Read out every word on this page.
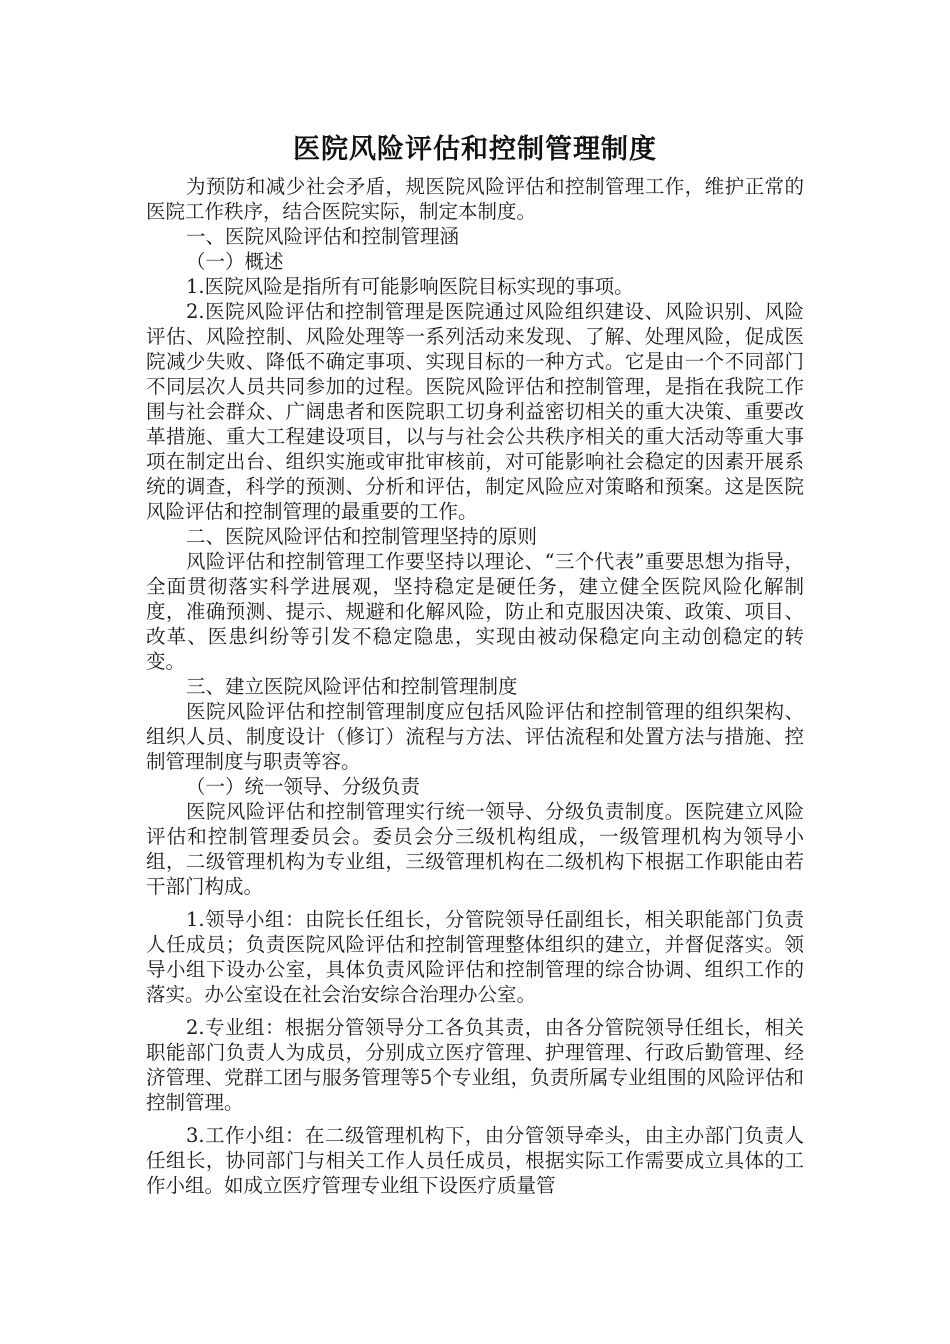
医院风险评估和控制管理制度

为预防和减少社会矛盾，规医院风险评估和控制管理工作，维护正常的医院工作秩序，结合医院实际，制定本制度。

一、医院风险评估和控制管理涵

（一）概述

1.医院风险是指所有可能影响医院目标实现的事项。

2.医院风险评估和控制管理是医院通过风险组织建设、风险识别、风险评估、风险控制、风险处理等一系列活动来发现、了解、处理风险，促成医院减少失败、降低不确定事项、实现目标的一种方式。它是由一个不同部门不同层次人员共同参加的过程。医院风险评估和控制管理，是指在我院工作围与社会群众、广阔患者和医院职工切身利益密切相关的重大决策、重要改革措施、重大工程建设项目，以与与社会公共秩序相关的重大活动等重大事项在制定出台、组织实施或审批审核前，对可能影响社会稳定的因素开展系统的调查，科学的预测、分析和评估，制定风险应对策略和预案。这是医院风险评估和控制管理的最重要的工作。

二、医院风险评估和控制管理坚持的原则

风险评估和控制管理工作要坚持以理论、“三个代表”重要思想为指导，全面贯彻落实科学进展观，坚持稳定是硬任务，建立健全医院风险化解制度，准确预测、提示、规避和化解风险，防止和克服因决策、政策、项目、改革、医患纠纷等引发不稳定隐患，实现由被动保稳定向主动创稳定的转变。

三、建立医院风险评估和控制管理制度

医院风险评估和控制管理制度应包括风险评估和控制管理的组织架构、组织人员、制度设计（修订）流程与方法、评估流程和处置方法与措施、控制管理制度与职责等容。

（一）统一领导、分级负责

医院风险评估和控制管理实行统一领导、分级负责制度。医院建立风险评估和控制管理委员会。委员会分三级机构组成，一级管理机构为领导小组，二级管理机构为专业组，三级管理机构在二级机构下根据工作职能由若干部门构成。

1.领导小组：由院长任组长，分管院领导任副组长，相关职能部门负责人任成员；负责医院风险评估和控制管理整体组织的建立，并督促落实。领导小组下设办公室，具体负责风险评估和控制管理的综合协调、组织工作的落实。办公室设在社会治安综合治理办公室。

2.专业组：根据分管领导分工各负其责，由各分管院领导任组长，相关职能部门负责人为成员，分别成立医疗管理、护理管理、行政后勤管理、经济管理、党群工团与服务管理等5个专业组，负责所属专业组围的风险评估和控制管理。

3.工作小组：在二级管理机构下，由分管领导牵头，由主办部门负责人任组长，协同部门与相关工作人员任成员，根据实际工作需要成立具体的工作小组。如成立医疗管理专业组下设医疗质量管
